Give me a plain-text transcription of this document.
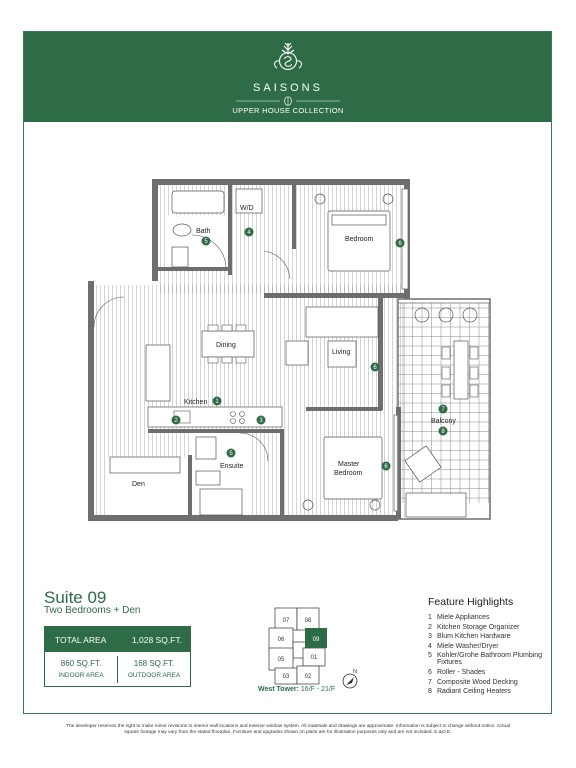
SAISONS
UPPER HOUSE COLLECTION
Bath
W/D
Bedroom
Dining
Living
Kitchen
Ensuite	Master
Bedroom
Balcony
Den
5
4
6
1
2	3
6
5
6
7
8
Suite 09
Two Bedrooms + Den
TOTAL AREA	1,028 SQ.FT.
860 SQ.FT.
INDOOR AREA
168 SQ.FT.
OUTDOOR AREA
07	08
06	09
05	01
03	02
N
West Tower: 16/F - 21/F
Feature Highlights
1 Miele Appliances
2 Kitchen Storage Organizer
3 Blum Kitchen Hardware
4 Miele Washer/Dryer
5 Kohler/Grohe Bathroom Plumbing Fixtures
6 Roller - Shades
7 Composite Wood Decking
8 Radiant Ceiling Heaters
The developer reserves the right to make minor revisions to interior wall locations and exterior window system. All materials and drawings are approximate. Information is subject to change without notice. Actual square footage may vary from the stated floorplan. Furniture and upgrades shown on plans are for illustration purposes only and are not included. E.&O.E.
